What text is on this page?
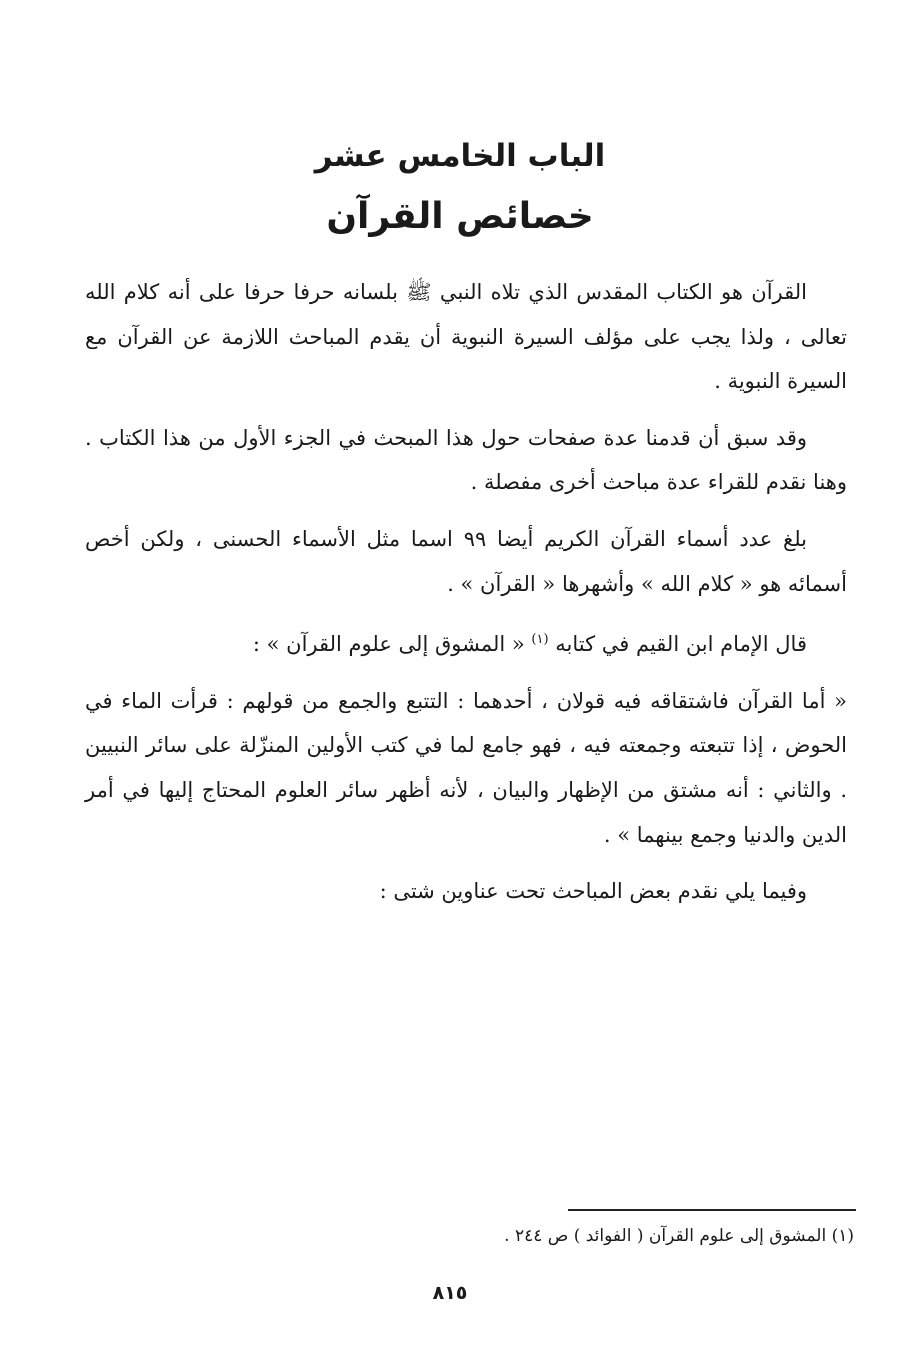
الباب الخامس عشر
خصائص القرآن

القرآن هو الكتاب المقدس الذي تلاه النبي ﷺ بلسانه حرفا حرفا على أنه كلام الله تعالى ، ولذا يجب على مؤلف السيرة النبوية أن يقدم المباحث اللازمة عن القرآن مع السيرة النبوية .

وقد سبق أن قدمنا عدة صفحات حول هذا المبحث في الجزء الأول من هذا الكتاب . وهنا نقدم للقراء عدة مباحث أخرى مفصلة .

بلغ عدد أسماء القرآن الكريم أيضا ٩٩ اسما مثل الأسماء الحسنى ، ولكن أخص أسمائه هو « كلام الله » وأشهرها « القرآن » .

قال الإمام ابن القيم في كتابه $^{(١)}$ « المشوق إلى علوم القرآن » :

« أما القرآن فاشتقاقه فيه قولان ، أحدهما : التتبع والجمع من قولهم : قرأت الماء في الحوض ، إذا تتبعته وجمعته فيه ، فهو جامع لما في كتب الأولين المنزّلة على سائر النبيين . والثاني : أنه مشتق من الإظهار والبيان ، لأنه أظهر سائر العلوم المحتاج إليها في أمر الدين والدنيا وجمع بينهما » .

وفيما يلي نقدم بعض المباحث تحت عناوين شتى :

(١) المشوق إلى علوم القرآن ( الفوائد ) ص ٢٤٤ .

٨١٥
